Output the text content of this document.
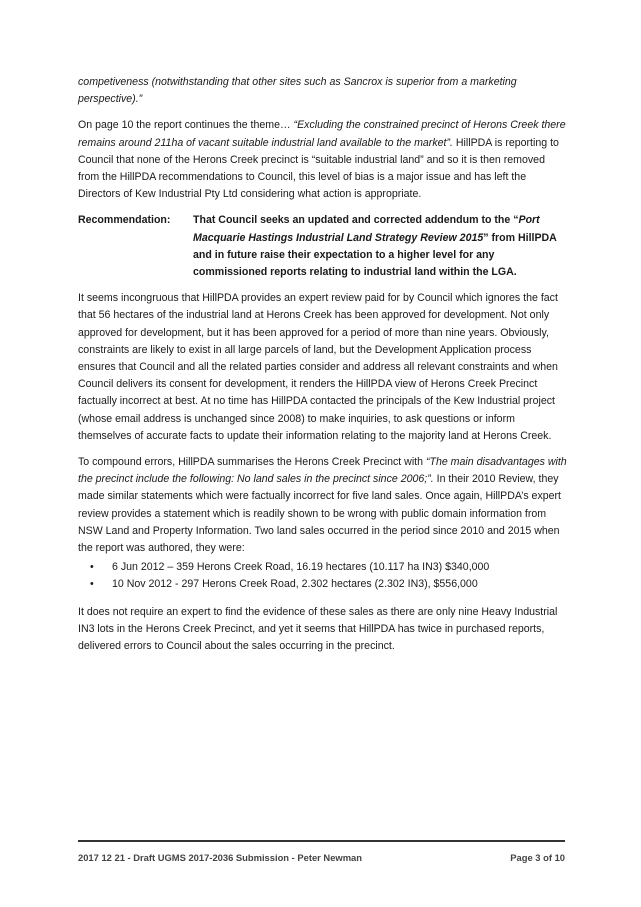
competiveness (notwithstanding that other sites such as Sancrox is superior from a marketing perspective).”

On page 10 the report continues the theme… “Excluding the constrained precinct of Herons Creek there remains around 211ha of vacant suitable industrial land available to the market”. HillPDA is reporting to Council that none of the Herons Creek precinct is “suitable industrial land” and so it is then removed from the HillPDA recommendations to Council, this level of bias is a major issue and has left the Directors of Kew Industrial Pty Ltd considering what action is appropriate.

Recommendation:	That Council seeks an updated and corrected addendum to the “Port Macquarie Hastings Industrial Land Strategy Review 2015” from HillPDA and in future raise their expectation to a higher level for any commissioned reports relating to industrial land within the LGA.

It seems incongruous that HillPDA provides an expert review paid for by Council which ignores the fact that 56 hectares of the industrial land at Herons Creek has been approved for development. Not only approved for development, but it has been approved for a period of more than nine years. Obviously, constraints are likely to exist in all large parcels of land, but the Development Application process ensures that Council and all the related parties consider and address all relevant constraints and when Council delivers its consent for development, it renders the HillPDA view of Herons Creek Precinct factually incorrect at best. At no time has HillPDA contacted the principals of the Kew Industrial project (whose email address is unchanged since 2008) to make inquiries, to ask questions or inform themselves of accurate facts to update their information relating to the majority land at Herons Creek.

To compound errors, HillPDA summarises the Herons Creek Precinct with “The main disadvantages with the precinct include the following: No land sales in the precinct since 2006;”. In their 2010 Review, they made similar statements which were factually incorrect for five land sales. Once again, HillPDA’s expert review provides a statement which is readily shown to be wrong with public domain information from NSW Land and Property Information. Two land sales occurred in the period since 2010 and 2015 when the report was authored, they were:

• 6 Jun 2012 – 359 Herons Creek Road, 16.19 hectares (10.117 ha IN3) $340,000
• 10 Nov 2012 - 297 Herons Creek Road, 2.302 hectares (2.302 IN3), $556,000

It does not require an expert to find the evidence of these sales as there are only nine Heavy Industrial IN3 lots in the Herons Creek Precinct, and yet it seems that HillPDA has twice in purchased reports, delivered errors to Council about the sales occurring in the precinct.

2017 12 21 - Draft UGMS 2017-2036 Submission - Peter Newman	Page 3 of 10
